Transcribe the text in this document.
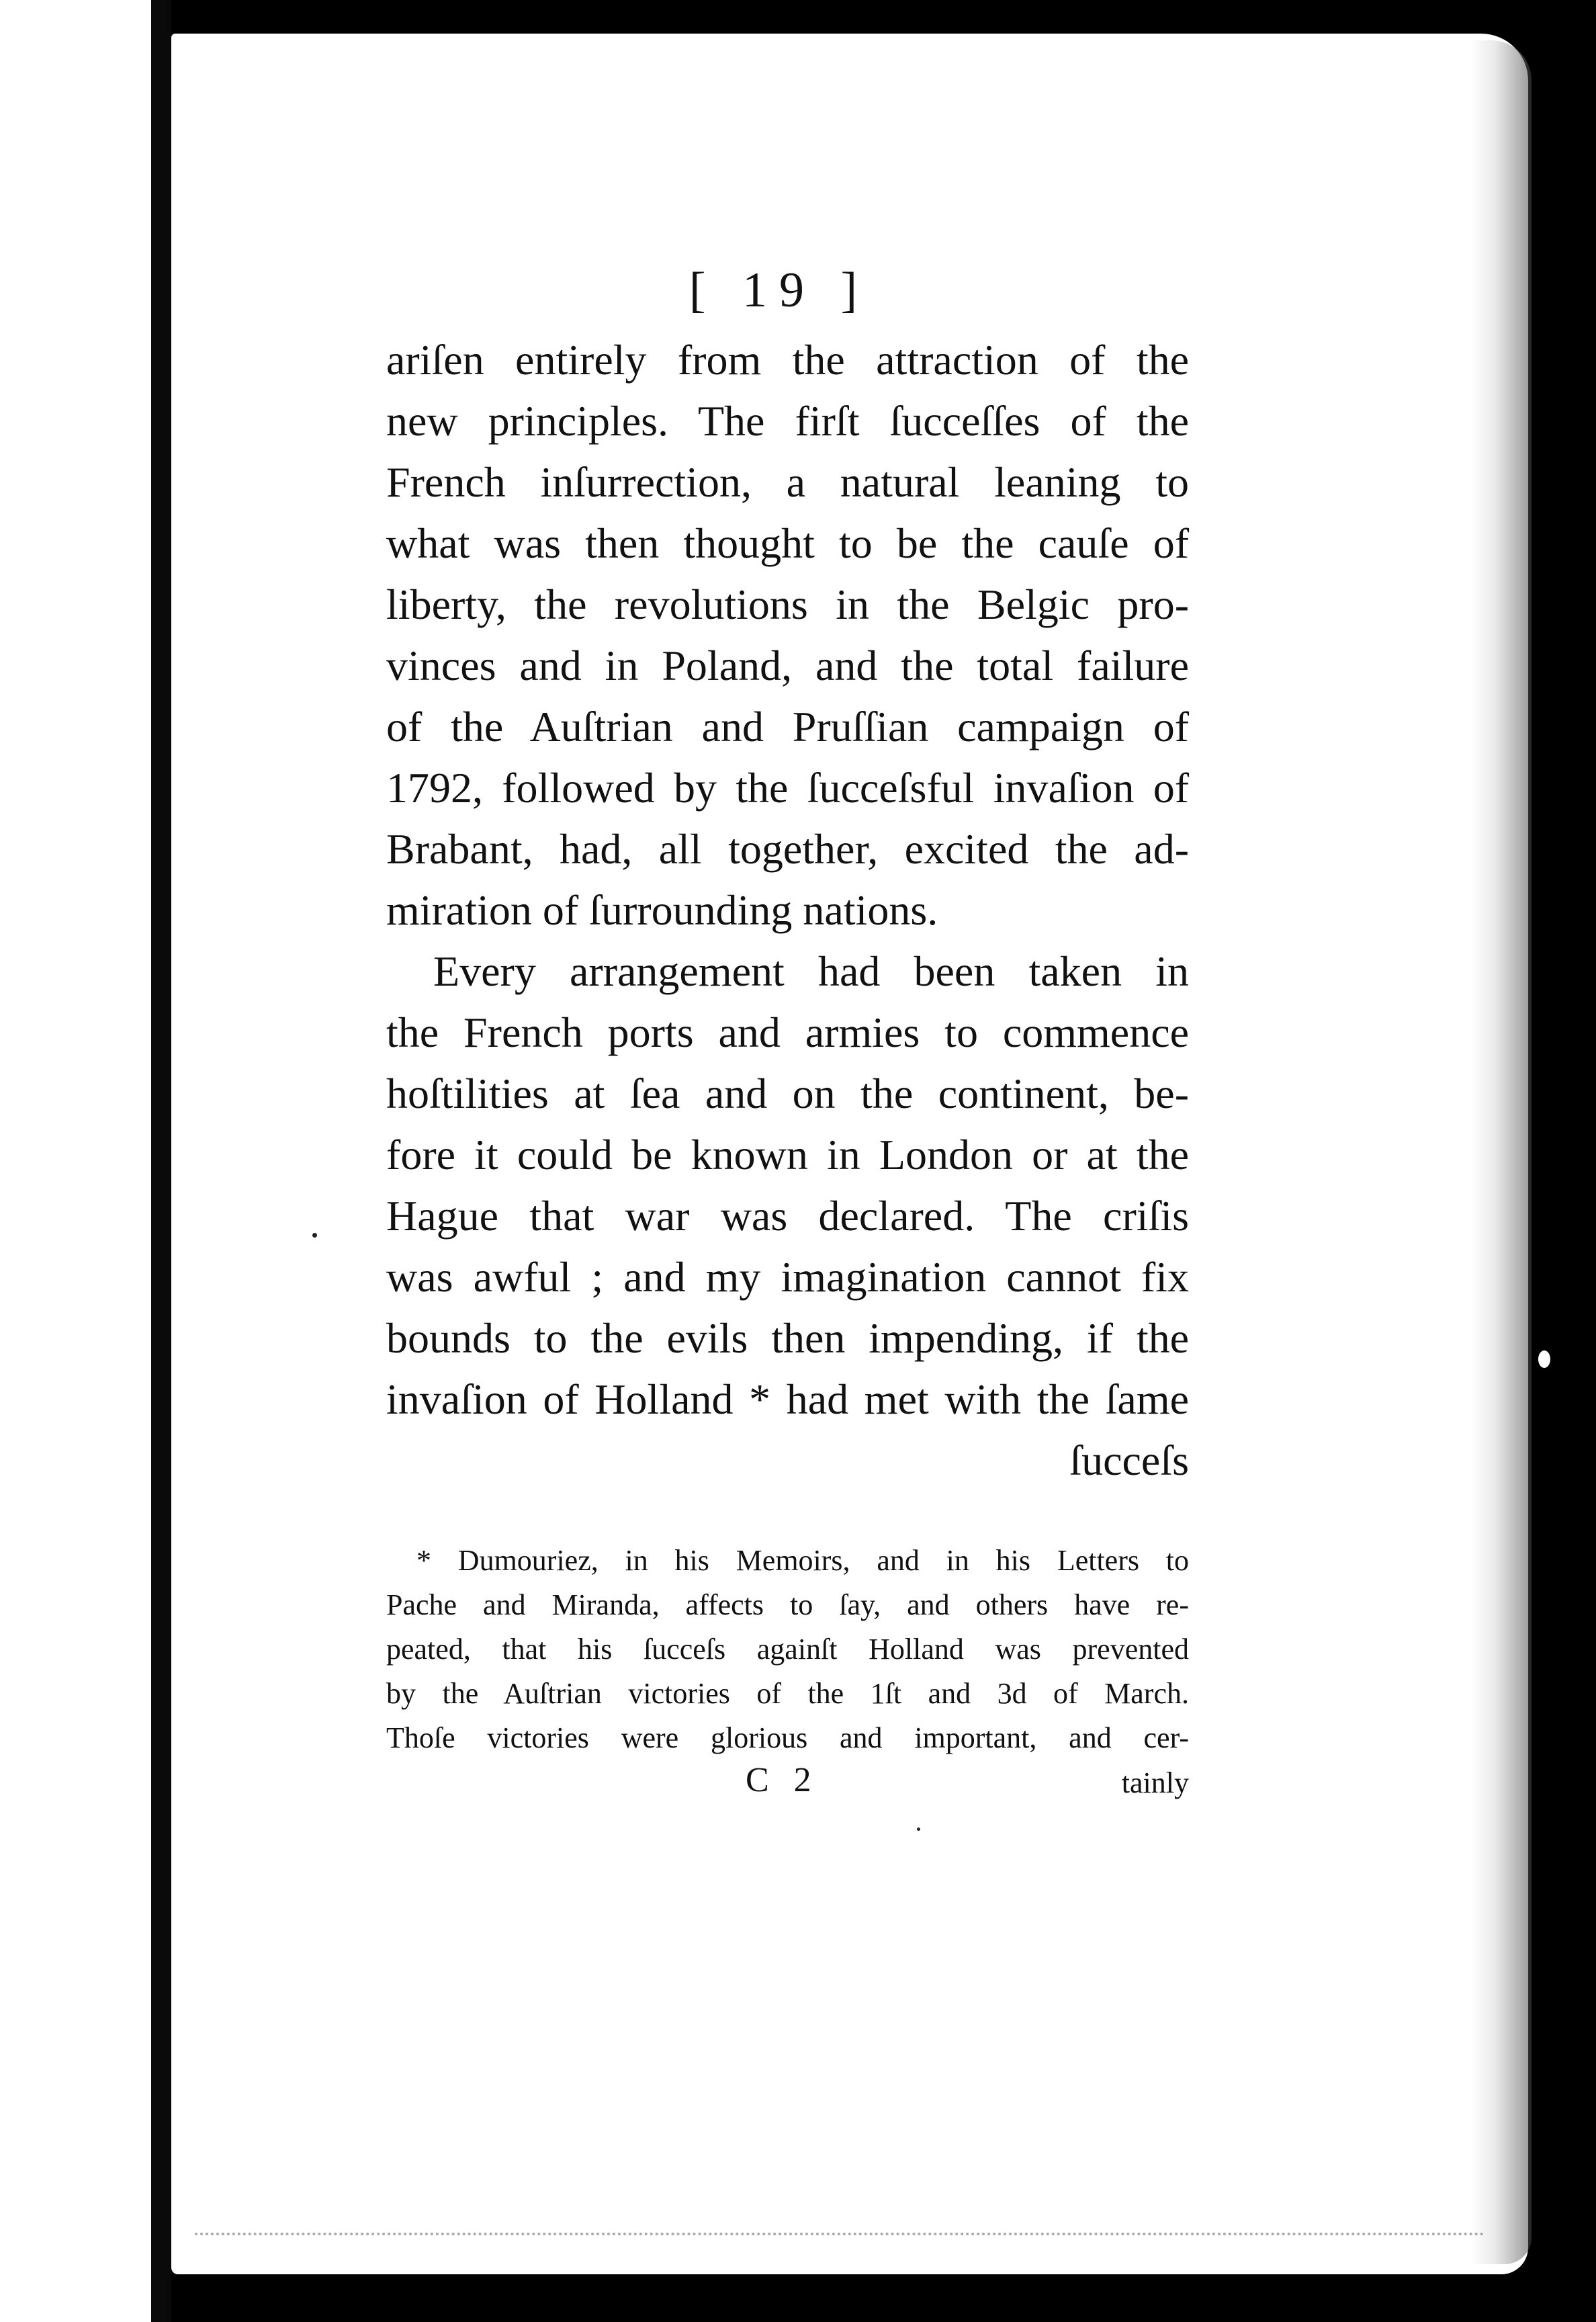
[ 19 ]
ariſen entirely from the attraction of the
new principles. The firſt ſucceſſes of the
French inſurrection, a natural leaning to
what was then thought to be the cauſe of
liberty, the revolutions in the Belgic pro-
vinces and in Poland, and the total failure
of the Auſtrian and Pruſſian campaign of
1792, followed by the ſucceſsful invaſion of
Brabant, had, all together, excited the ad-
miration of ſurrounding nations.
Every arrangement had been taken in
the French ports and armies to commence
hoſtilities at ſea and on the continent, be-
fore it could be known in London or at the
Hague that war was declared. The criſis
was awful ; and my imagination cannot fix
bounds to the evils then impending, if the
invaſion of Holland * had met with the ſame
ſucceſs
* Dumouriez, in his Memoirs, and in his Letters to
Pache and Miranda, affects to ſay, and others have re-
peated, that his ſucceſs againſt Holland was prevented
by the Auſtrian victories of the 1ſt and 3d of March.
Thoſe victories were glorious and important, and cer-
C 2	tainly
